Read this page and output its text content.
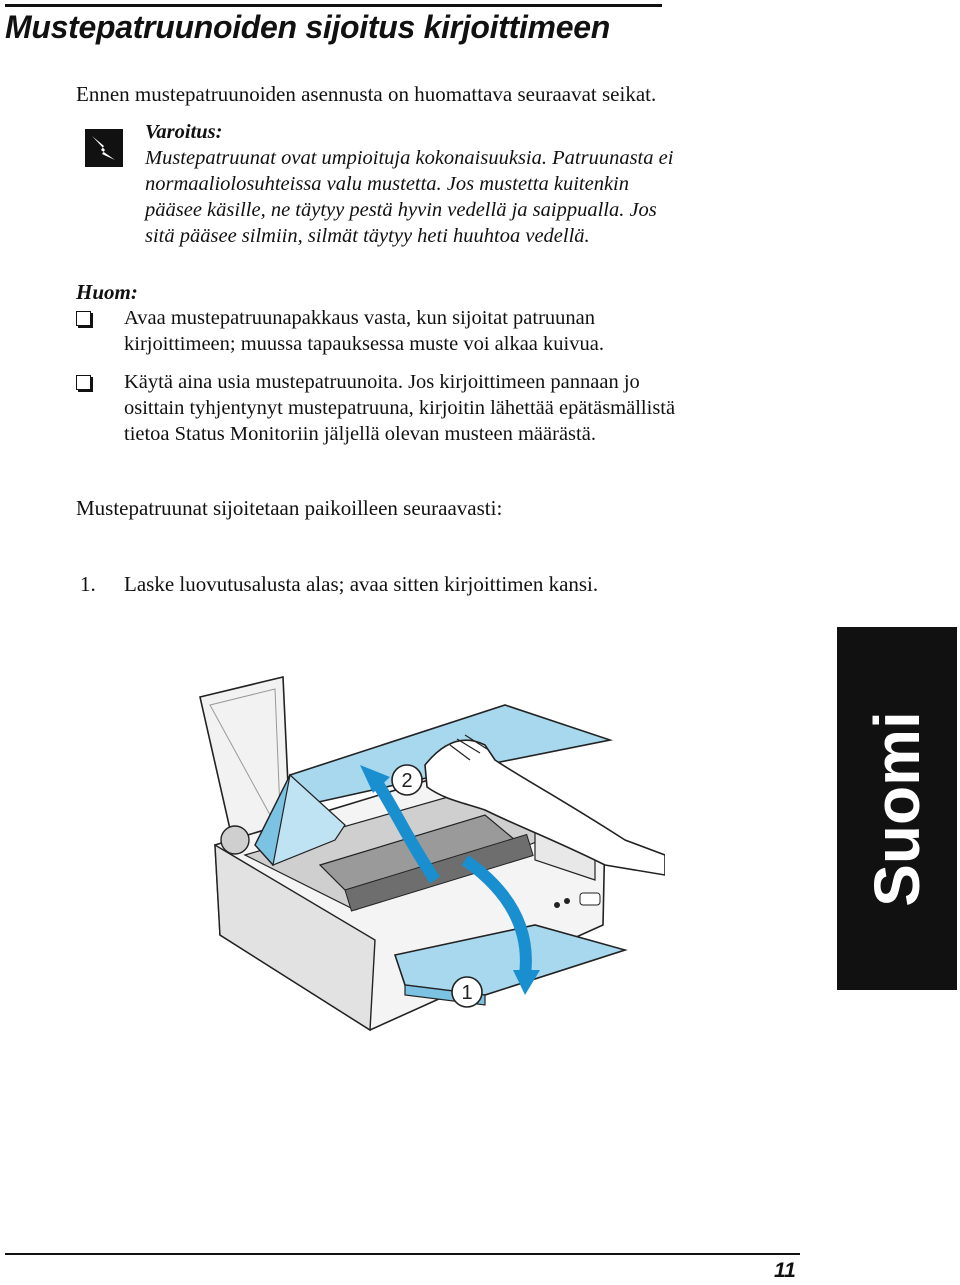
Mustepatruunoiden sijoitus kirjoittimeen
Ennen mustepatruunoiden asennusta on huomattava seuraavat seikat.
Varoitus:
Mustepatruunat ovat umpioituja kokonaisuuksia. Patruunasta ei
normaaliolosuhteissa valu mustetta. Jos mustetta kuitenkin
pääsee käsille, ne täytyy pestä hyvin vedellä ja saippualla. Jos
sitä pääsee silmiin, silmät täytyy heti huuhtoa vedellä.
Huom:
Avaa mustepatruunapakkaus vasta, kun sijoitat patruunan
kirjoittimeen; muussa tapauksessa muste voi alkaa kuivua.
Käytä aina usia mustepatruunoita. Jos kirjoittimeen pannaan jo
osittain tyhjentynyt mustepatruuna, kirjoitin lähettää epätäsmällistä
tietoa Status Monitoriin jäljellä olevan musteen määrästä.
Mustepatruunat sijoitetaan paikoilleen seuraavasti:
1. Laske luovutusalusta alas; avaa sitten kirjoittimen kansi.
2
1
Suomi
11
